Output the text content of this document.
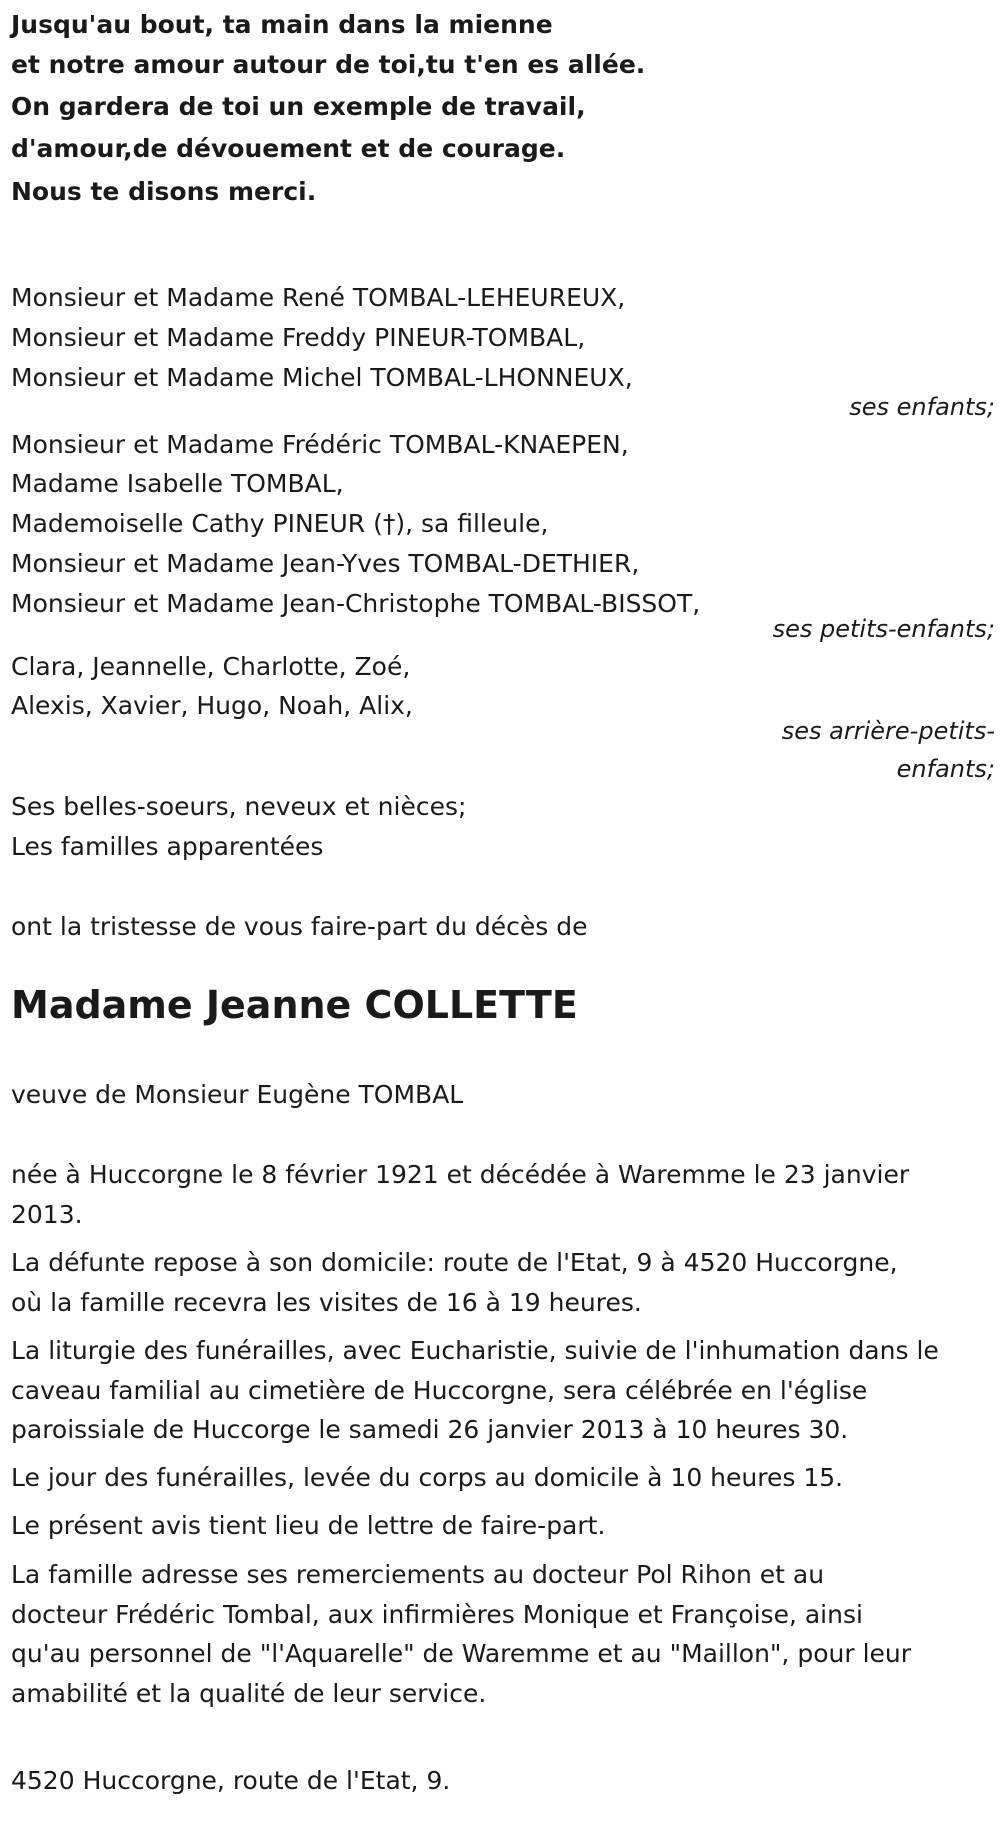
Jusqu'au bout, ta main dans la mienne

et notre amour autour de toi,tu t'en es allée.

On gardera de toi un exemple de travail,

d'amour,de dévouement et de courage.

Nous te disons merci.

Monsieur et Madame René TOMBAL-LEHEUREUX,

Monsieur et Madame Freddy PINEUR-TOMBAL,

Monsieur et Madame Michel TOMBAL-LHONNEUX,

ses enfants;

Monsieur et Madame Frédéric TOMBAL-KNAEPEN,

Madame Isabelle TOMBAL,

Mademoiselle Cathy PINEUR (†), sa filleule,

Monsieur et Madame Jean-Yves TOMBAL-DETHIER,

Monsieur et Madame Jean-Christophe TOMBAL-BISSOT,

ses petits-enfants;

Clara, Jeannelle, Charlotte, Zoé,

Alexis, Xavier, Hugo, Noah, Alix,

ses arrière-petits-

enfants;

Ses belles-soeurs, neveux et nièces;

Les familles apparentées

ont la tristesse de vous faire-part du décès de

Madame Jeanne COLLETTE

veuve de Monsieur Eugène TOMBAL

née à Huccorgne le 8 février 1921 et décédée à Waremme le 23 janvier

2013.

La défunte repose à son domicile: route de l'Etat, 9 à 4520 Huccorgne,

où la famille recevra les visites de 16 à 19 heures.

La liturgie des funérailles, avec Eucharistie, suivie de l'inhumation dans le

caveau familial au cimetière de Huccorgne, sera célébrée en l'église

paroissiale de Huccorge le samedi 26 janvier 2013 à 10 heures 30.

Le jour des funérailles, levée du corps au domicile à 10 heures 15.

Le présent avis tient lieu de lettre de faire-part.

La famille adresse ses remerciements au docteur Pol Rihon et au

docteur Frédéric Tombal, aux infirmières Monique et Françoise, ainsi

qu'au personnel de "l'Aquarelle" de Waremme et au "Maillon", pour leur

amabilité et la qualité de leur service.

4520 Huccorgne, route de l'Etat, 9.
